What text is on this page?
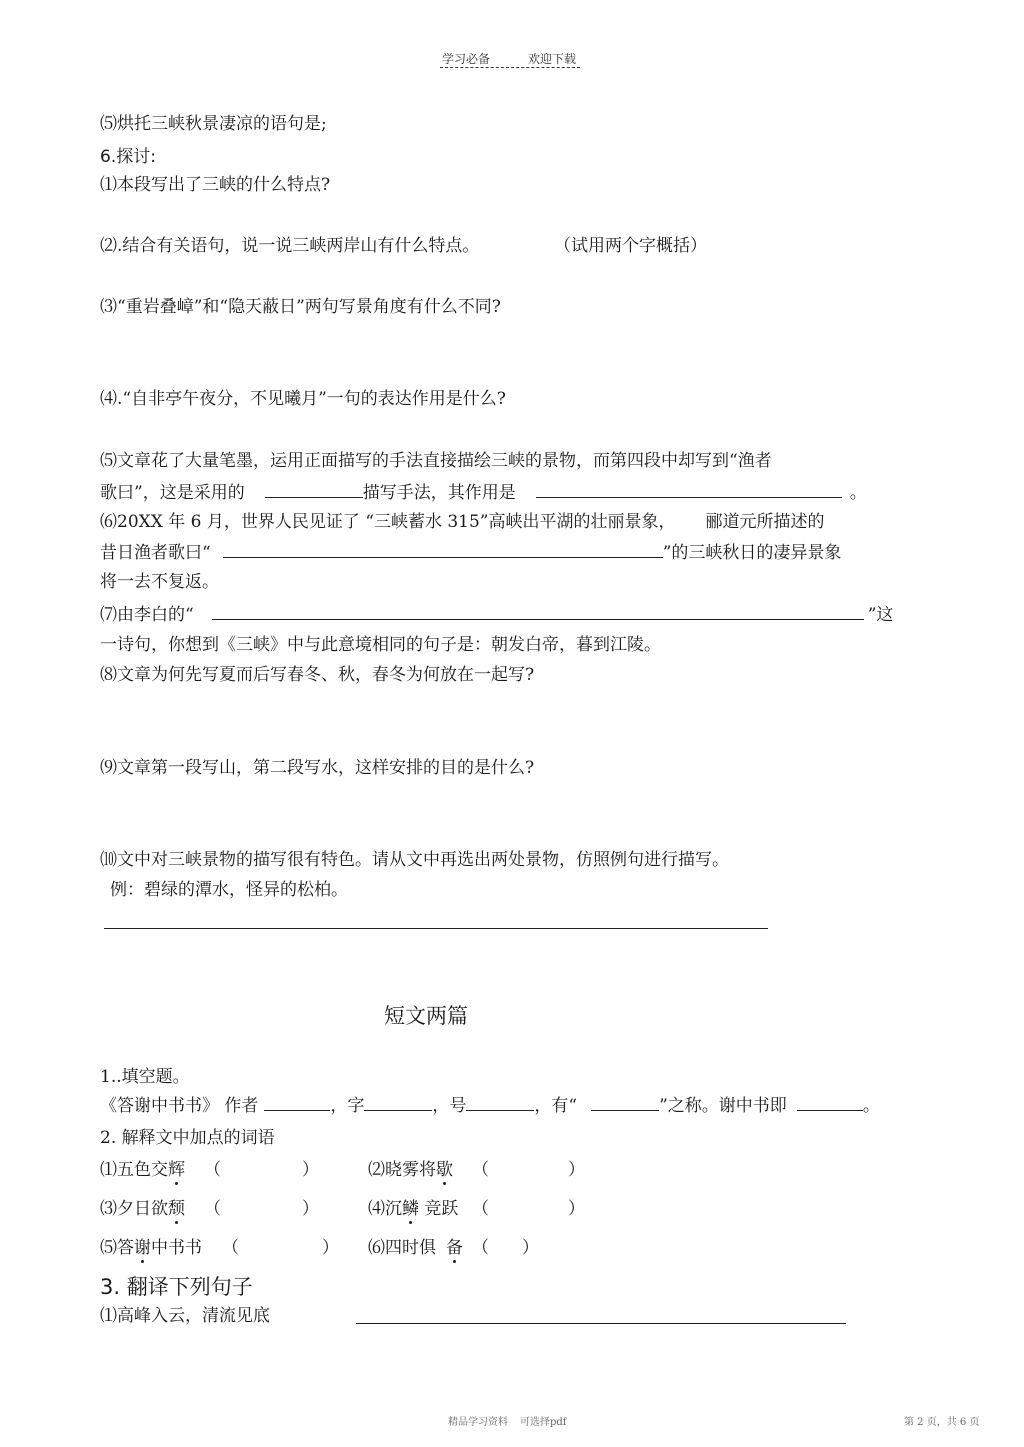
学习必备	欢迎下载
⑸烘托三峡秋景凄凉的语句是;
6.探讨:
⑴本段写出了三峡的什么特点?
⑵.结合有关语句，说一说三峡两岸山有什么特点。	（试用两个字概括）
⑶“重岩叠嶂”和“隐天蔽日”两句写景角度有什么不同?
⑷.“自非亭午夜分，不见曦月”一句的表达作用是什么?
⑸文章花了大量笔墨，运用正面描写的手法直接描绘三峡的景物，而第四段中却写到“渔者
歌曰”，这是采用的	描写手法，其作用是	。
⑹20XX 年 6 月，世界人民见证了 “三峡蓄水 315”高峡出平湖的壮丽景象， 郦道元所描述的
昔日渔者歌曰“	”的三峡秋日的凄异景象
将一去不复返。
⑺由李白的“	”这
一诗句，你想到《三峡》中与此意境相同的句子是：朝发白帝，暮到江陵。
⑻文章为何先写夏而后写春冬、秋，春冬为何放在一起写?
⑼文章第一段写山，第二段写水，这样安排的目的是什么?
⑽文中对三峡景物的描写很有特色。请从文中再选出两处景物，仿照例句进行描写。
例：碧绿的潭水，怪异的松柏。
短文两篇
1..填空题。
《答谢中书书》 作者	，字	，号	，有“	”之称。谢中书即	。
2. 解释文中加点的词语
⑴五色交辉 （	）	⑵晓雾将歇 （	）
⑶夕日欲颓 （	）	⑷沉鳞 竞跃 （	）
⑸答谢中书书 （	） ⑹四时俱 备 （ ）
3. 翻译下列句子
⑴高峰入云，清流见底
精品学习资料 可选择pdf	第 2 页，共 6 页
